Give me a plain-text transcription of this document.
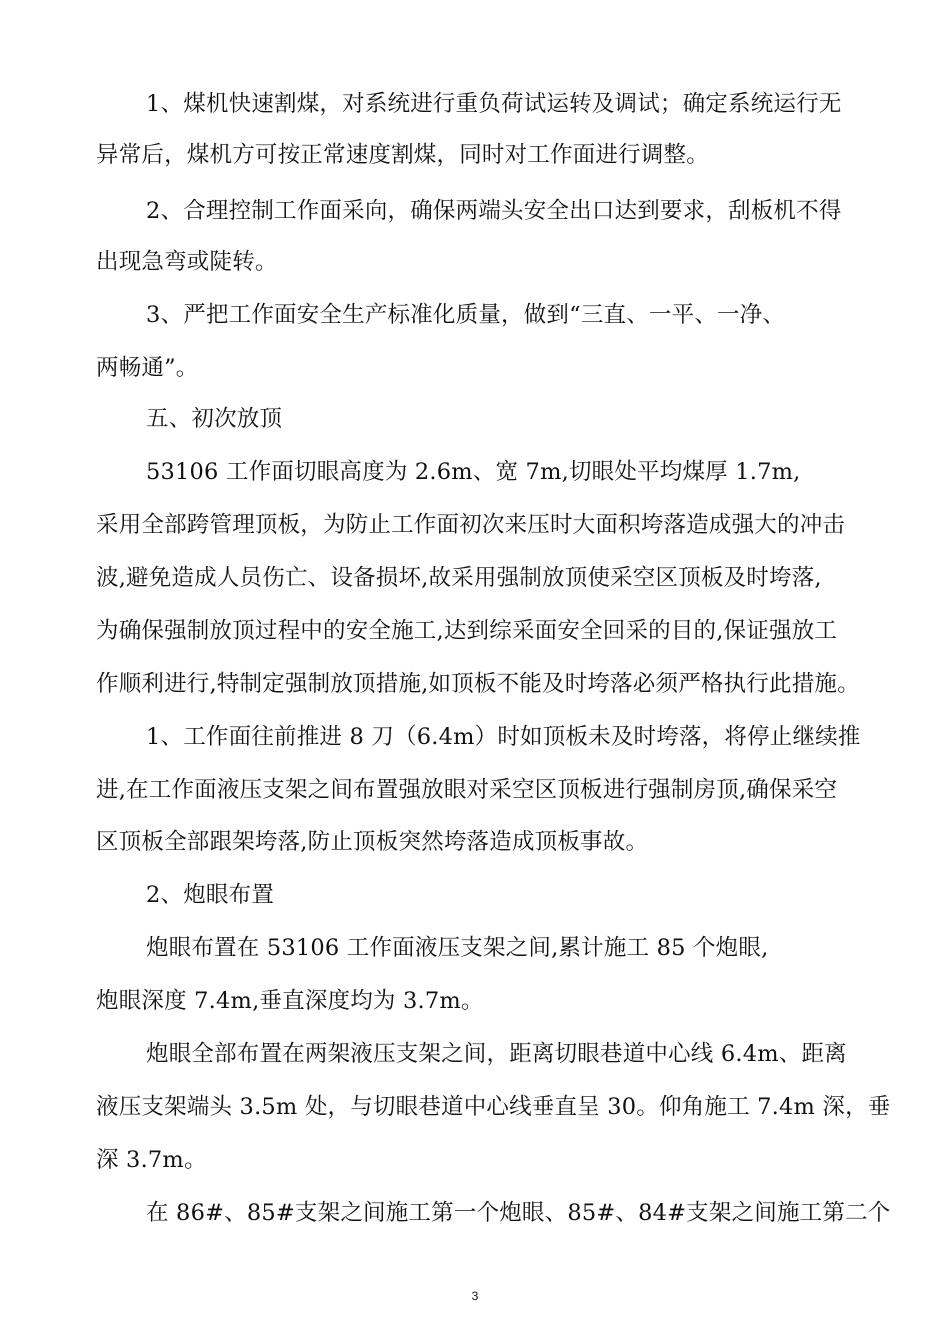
1、煤机快速割煤，对系统进行重负荷试运转及调试；确定系统运行无
异常后，煤机方可按正常速度割煤，同时对工作面进行调整。
2、合理控制工作面采向，确保两端头安全出口达到要求，刮板机不得
出现急弯或陡转。
3、严把工作面安全生产标准化质量，做到“三直、一平、一净、
两畅通”。
五、初次放顶
53106 工作面切眼高度为 2.6m、宽 7m,切眼处平均煤厚 1.7m,
采用全部跨管理顶板，为防止工作面初次来压时大面积垮落造成强大的冲击
波,避免造成人员伤亡、设备损坏,故采用强制放顶使采空区顶板及时垮落,
为确保强制放顶过程中的安全施工,达到综采面安全回采的目的,保证强放工
作顺利进行,特制定强制放顶措施,如顶板不能及时垮落必须严格执行此措施。
1、工作面往前推进 8 刀（6.4m）时如顶板未及时垮落，将停止继续推
进,在工作面液压支架之间布置强放眼对采空区顶板进行强制房顶,确保采空
区顶板全部跟架垮落,防止顶板突然垮落造成顶板事故。
2、炮眼布置
炮眼布置在 53106 工作面液压支架之间,累计施工 85 个炮眼,
炮眼深度 7.4m,垂直深度均为 3.7m。
炮眼全部布置在两架液压支架之间，距离切眼巷道中心线 6.4m、距离
液压支架端头 3.5m 处，与切眼巷道中心线垂直呈 30。仰角施工 7.4m 深，垂
深 3.7m。
在 86#、85#支架之间施工第一个炮眼、85#、84#支架之间施工第二个
3
